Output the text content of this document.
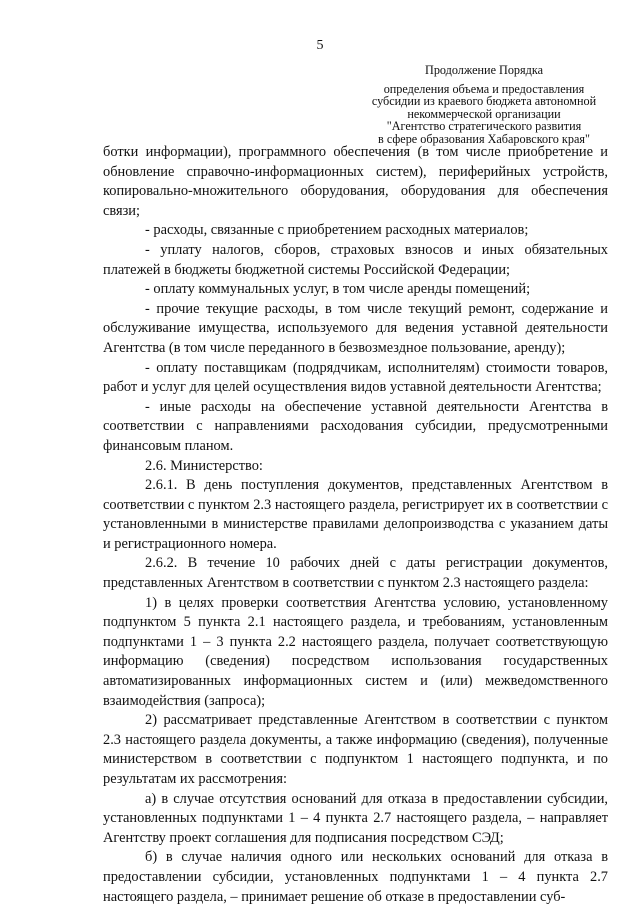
5
Продолжение Порядка
определения объема и предоставления
субсидии из краевого бюджета автономной
некоммерческой организации
"Агентство стратегического развития
в сфере образования Хабаровского края"

ботки информации), программного обеспечения (в том числе приобретение и обновление справочно-информационных систем), периферийных устройств, копировально-множительного оборудования, оборудования для обеспечения связи;

- расходы, связанные с приобретением расходных материалов;

- уплату налогов, сборов, страховых взносов и иных обязательных платежей в бюджеты бюджетной системы Российской Федерации;

- оплату коммунальных услуг, в том числе аренды помещений;

- прочие текущие расходы, в том числе текущий ремонт, содержание и обслуживание имущества, используемого для ведения уставной деятельности Агентства (в том числе переданного в безвозмездное пользование, аренду);

- оплату поставщикам (подрядчикам, исполнителям) стоимости товаров, работ и услуг для целей осуществления видов уставной деятельности Агентства;

- иные расходы на обеспечение уставной деятельности Агентства в соответствии с направлениями расходования субсидии, предусмотренными финансовым планом.

2.6. Министерство:

2.6.1. В день поступления документов, представленных Агентством в соответствии с пунктом 2.3 настоящего раздела, регистрирует их в соответствии с установленными в министерстве правилами делопроизводства с указанием даты и регистрационного номера.

2.6.2. В течение 10 рабочих дней с даты регистрации документов, представленных Агентством в соответствии с пунктом 2.3 настоящего раздела:

1) в целях проверки соответствия Агентства условию, установленному подпунктом 5 пункта 2.1 настоящего раздела, и требованиям, установленным подпунктами 1 – 3 пункта 2.2 настоящего раздела, получает соответствующую информацию (сведения) посредством использования государственных автоматизированных информационных систем и (или) межведомственного взаимодействия (запроса);

2) рассматривает представленные Агентством в соответствии с пунктом 2.3 настоящего раздела документы, а также информацию (сведения), полученные министерством в соответствии с подпунктом 1 настоящего подпункта, и по результатам их рассмотрения:

а) в случае отсутствия оснований для отказа в предоставлении субсидии, установленных подпунктами 1 – 4 пункта 2.7 настоящего раздела, – направляет Агентству проект соглашения для подписания посредством СЭД;

б) в случае наличия одного или нескольких оснований для отказа в предоставлении субсидии, установленных подпунктами 1 – 4 пункта 2.7 настоящего раздела, – принимает решение об отказе в предоставлении суб-
